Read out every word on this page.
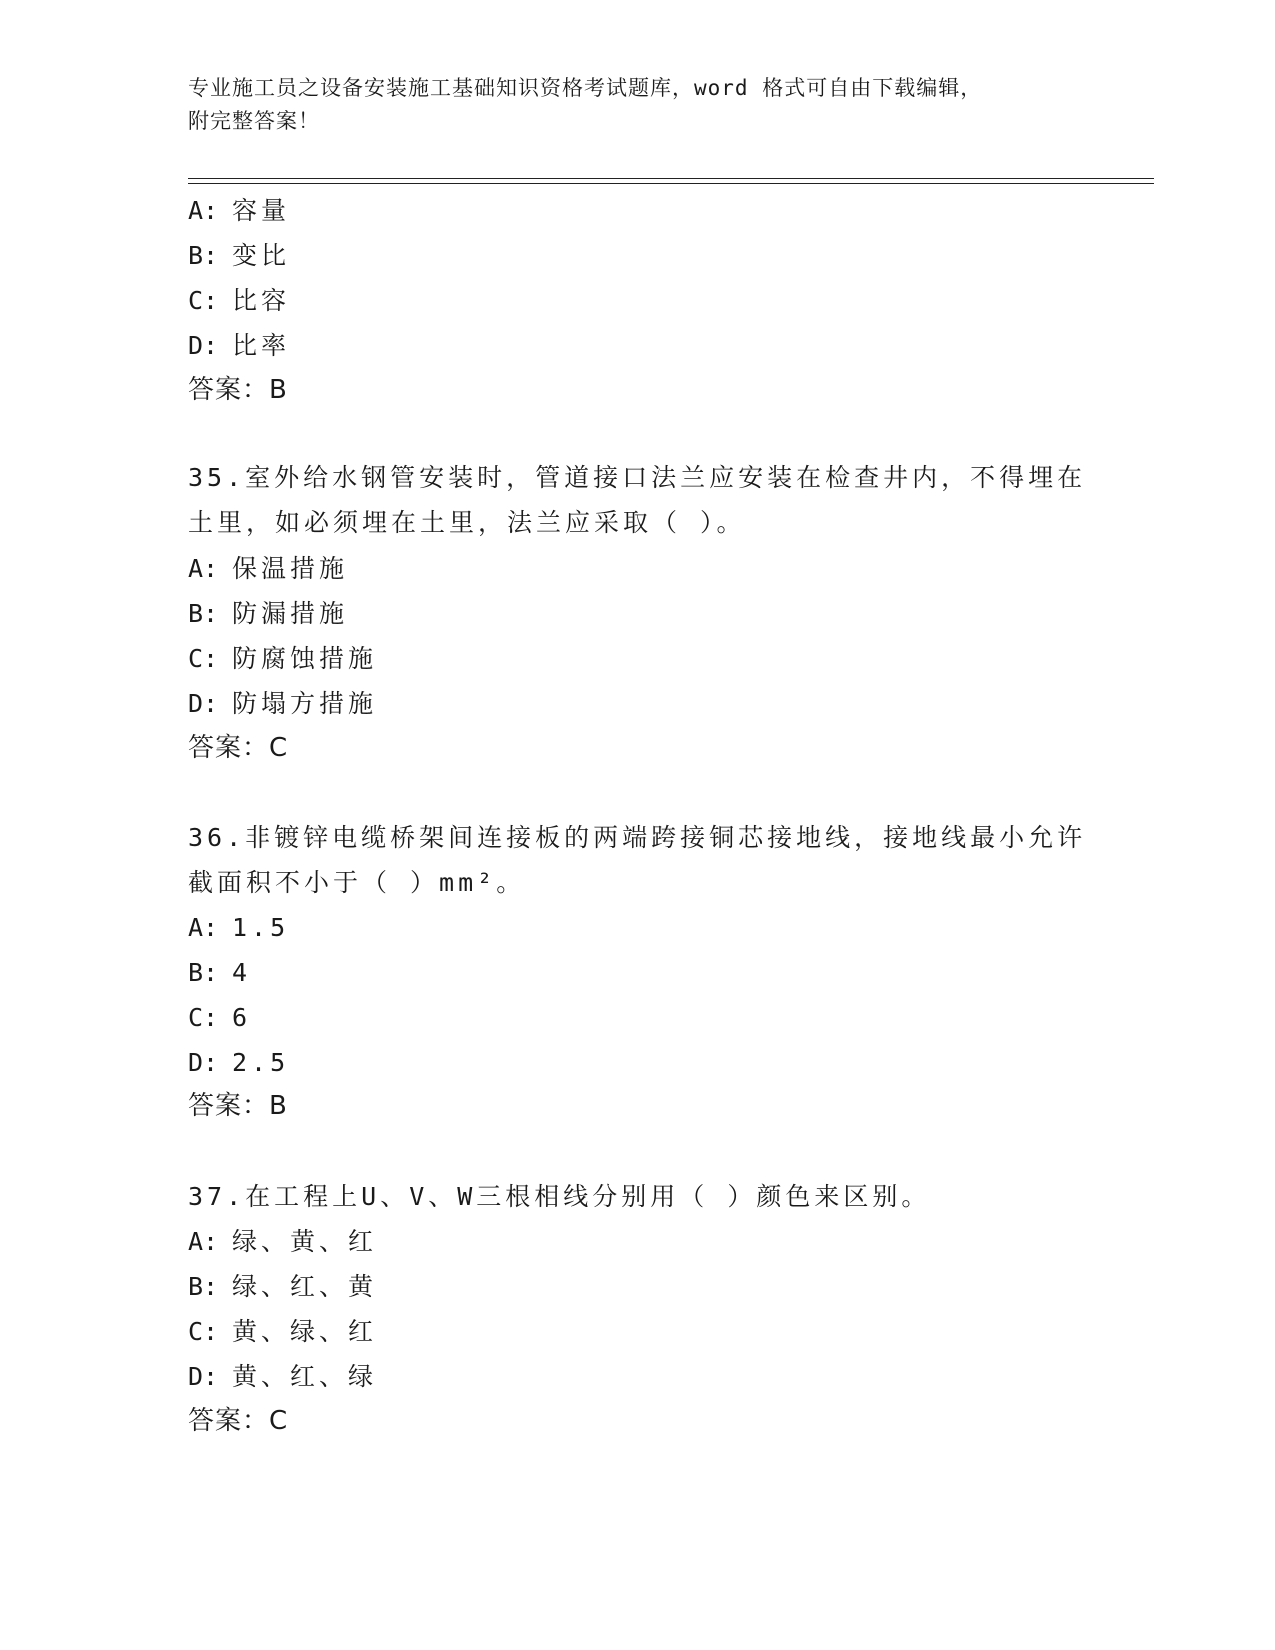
专业施工员之设备安装施工基础知识资格考试题库，word 格式可自由下载编辑，
附完整答案！
A: 容量
B: 变比
C: 比容
D: 比率
答案：B
35.室外给水钢管安装时，管道接口法兰应安装在检查井内，不得埋在
土里，如必须埋在土里，法兰应采取（ ）。
A: 保温措施
B: 防漏措施
C: 防腐蚀措施
D: 防塌方措施
答案：C
36.非镀锌电缆桥架间连接板的两端跨接铜芯接地线，接地线最小允许
截面积不小于（ ）mm²。
A: 1.5
B: 4
C: 6
D: 2.5
答案：B
37.在工程上U、V、W三根相线分别用（ ）颜色来区别。
A: 绿、黄、红
B: 绿、红、黄
C: 黄、绿、红
D: 黄、红、绿
答案：C
